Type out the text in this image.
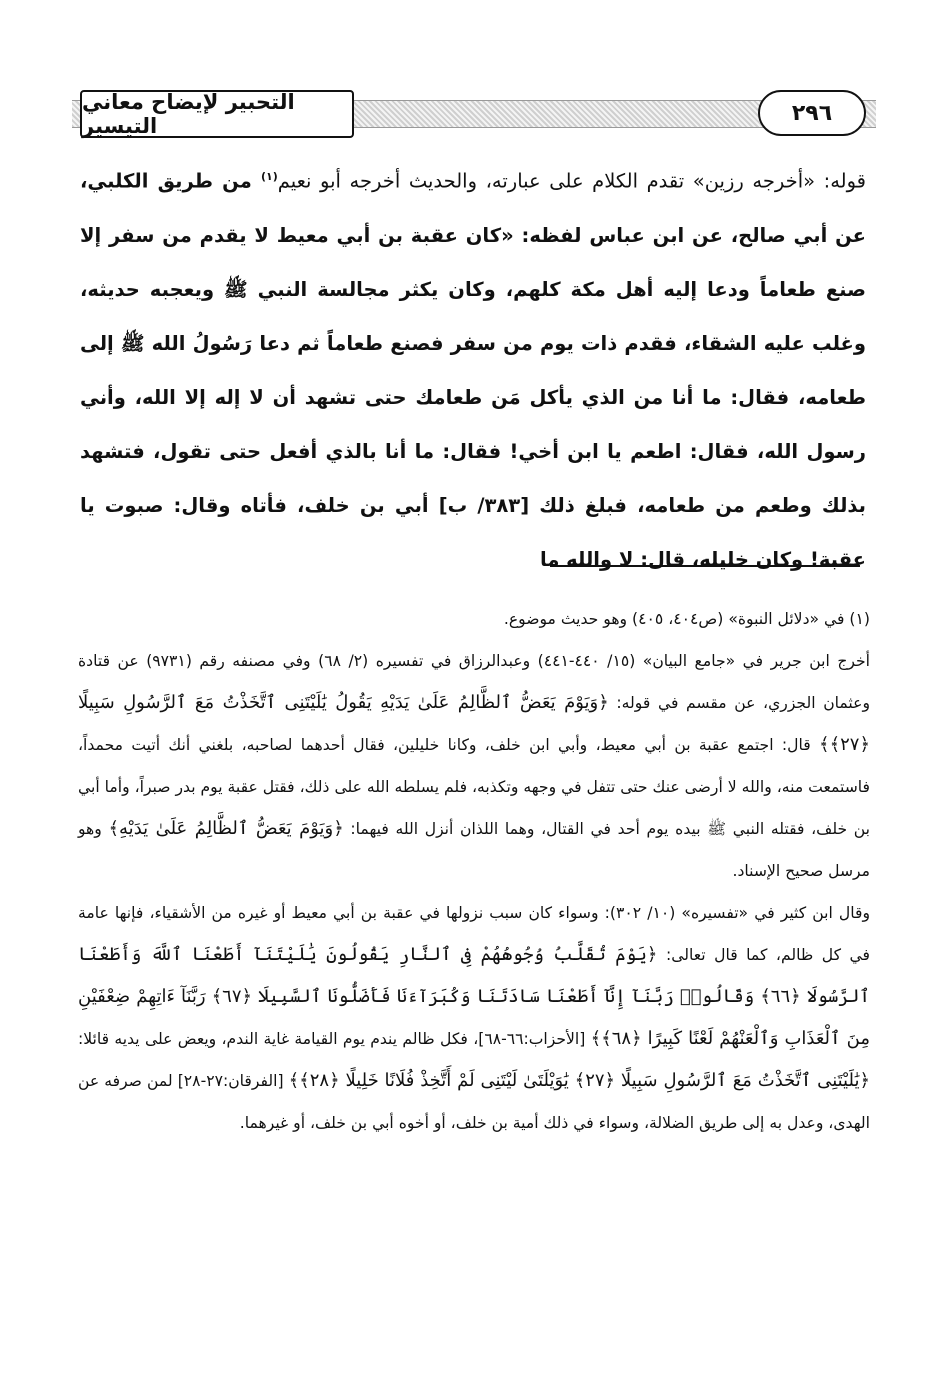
التحبير لإيضاح معاني التيسير
٢٩٦
قوله: «أخرجه رزين» تقدم الكلام على عبارته، والحديث أخرجه أبو نعيم$^{(١)}$ من طريق الكلبي، عن أبي صالح، عن ابن عباس لفظه: «كان عقبة بن أبي معيط لا يقدم من سفر إلا صنع طعاماً ودعا إليه أهل مكة كلهم، وكان يكثر مجالسة النبي ﷺ ويعجبه حديثه، وغلب عليه الشقاء، فقدم ذات يوم من سفر فصنع طعاماً ثم دعا رَسُولُ الله ﷺ إلى طعامه، فقال: ما أنا من الذي يأكل مَن طعامك حتى تشهد أن لا إله إلا الله، وأني رسول الله، فقال: اطعم يا ابن أخي! فقال: ما أنا بالذي أفعل حتى تقول، فتشهد بذلك وطعم من طعامه، فبلغ ذلك [٣٨٣/ ب] أبي بن خلف، فأتاه وقال: صبوت يا عقبة! وكان خليله، قال: لا والله ما

(١) في «دلائل النبوة» (ص٤٠٤، ٤٠٥) وهو حديث موضوع.

أخرج ابن جرير في «جامع البيان» (١٥/ ٤٤٠-٤٤١) وعبدالرزاق في تفسيره (٢/ ٦٨) وفي مصنفه رقم (٩٧٣١) عن قتادة وعثمان الجزري، عن مقسم في قوله: ﴿وَيَوْمَ يَعَضُّ ٱلظَّالِمُ عَلَىٰ يَدَيْهِ يَقُولُ يَٰلَيْتَنِى ٱتَّخَذْتُ مَعَ ٱلرَّسُولِ سَبِيلًا ﴿٢٧﴾﴾ قال: اجتمع عقبة بن أبي معيط، وأبي ابن خلف، وكانا خليلين، فقال أحدهما لصاحبه، بلغني أنك أتيت محمداً، فاستمعت منه، والله لا أرضى عنك حتى تتفل في وجهه وتكذبه، فلم يسلطه الله على ذلك، فقتل عقبة يوم بدر صبراً، وأما أبي بن خلف، فقتله النبي ﷺ بيده يوم أحد في القتال، وهما اللذان أنزل الله فيهما: ﴿وَيَوْمَ يَعَضُّ ٱلظَّالِمُ عَلَىٰ يَدَيْهِ﴾ وهو مرسل صحيح الإسناد.

وقال ابن كثير في «تفسيره» (١٠/ ٣٠٢): وسواء كان سبب نزولها في عقبة بن أبي معيط أو غيره من الأشقياء، فإنها عامة في كل ظالم، كما قال تعالى: ﴿يَوْمَ تُقَلَّبُ وُجُوهُهُمْ فِى ٱلنَّارِ يَقُولُونَ يَٰلَيْتَنَآ أَطَعْنَا ٱللَّهَ وَأَطَعْنَا ٱلرَّسُولَا ﴿٦٦﴾ وَقَالُوا۟ رَبَّنَآ إِنَّآ أَطَعْنَا سَادَتَنَا وَكُبَرَآءَنَا فَأَضَلُّونَا ٱلسَّبِيلَا ﴿٦٧﴾ رَبَّنَآ ءَاتِهِمْ ضِعْفَيْنِ مِنَ ٱلْعَذَابِ وَٱلْعَنْهُمْ لَعْنًا كَبِيرًا ﴿٦٨﴾﴾ [الأحزاب:٦٦-٦٨]، فكل ظالم يندم يوم القيامة غاية الندم، ويعض على يديه قائلا: ﴿يَٰلَيْتَنِى ٱتَّخَذْتُ مَعَ ٱلرَّسُولِ سَبِيلًا ﴿٢٧﴾ يَٰوَيْلَتَىٰ لَيْتَنِى لَمْ أَتَّخِذْ فُلَانًا خَلِيلًا ﴿٢٨﴾﴾ [الفرقان:٢٧-٢٨] لمن صرفه عن الهدى، وعدل به إلى طريق الضلالة، وسواء في ذلك أمية بن خلف، أو أخوه أبي بن خلف، أو غيرهما.
